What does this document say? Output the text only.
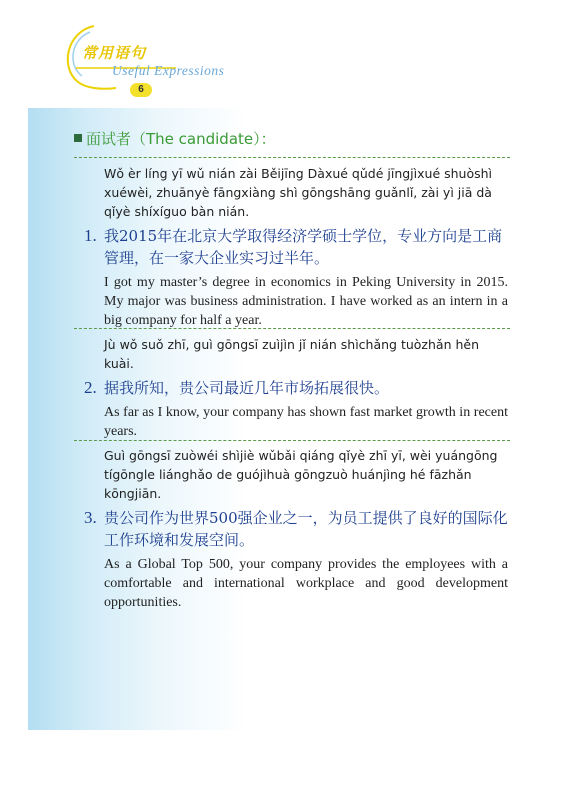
常用语句
Useful Expressions
6
面试者（The candidate）：
Wǒ èr líng yī wǔ nián zài Běijīng Dàxué qǔdé jīngjìxué shuòshì xuéwèi, zhuānyè fāngxiàng shì gōngshāng guǎnlǐ, zài yì jiā dà qǐyè shíxíguo bàn nián.
1. 我2015年在北京大学取得经济学硕士学位，专业方向是工商管理，在一家大企业实习过半年。
I got my master’s degree in economics in Peking University in 2015. My major was business administration. I have worked as an intern in a big company for half a year.
Jù wǒ suǒ zhī, guì gōngsī zuìjìn jǐ nián shìchǎng tuòzhǎn hěn kuài.
2. 据我所知，贵公司最近几年市场拓展很快。
As far as I know, your company has shown fast market growth in recent years.
Guì gōngsī zuòwéi shìjiè wǔbǎi qiáng qǐyè zhī yī, wèi yuángōng tígōngle liánghǎo de guójìhuà gōngzuò huánjìng hé fāzhǎn kōngjiān.
3. 贵公司作为世界500强企业之一，为员工提供了良好的国际化工作环境和发展空间。
As a Global Top 500, your company provides the employees with a comfortable and international workplace and good development opportunities.
